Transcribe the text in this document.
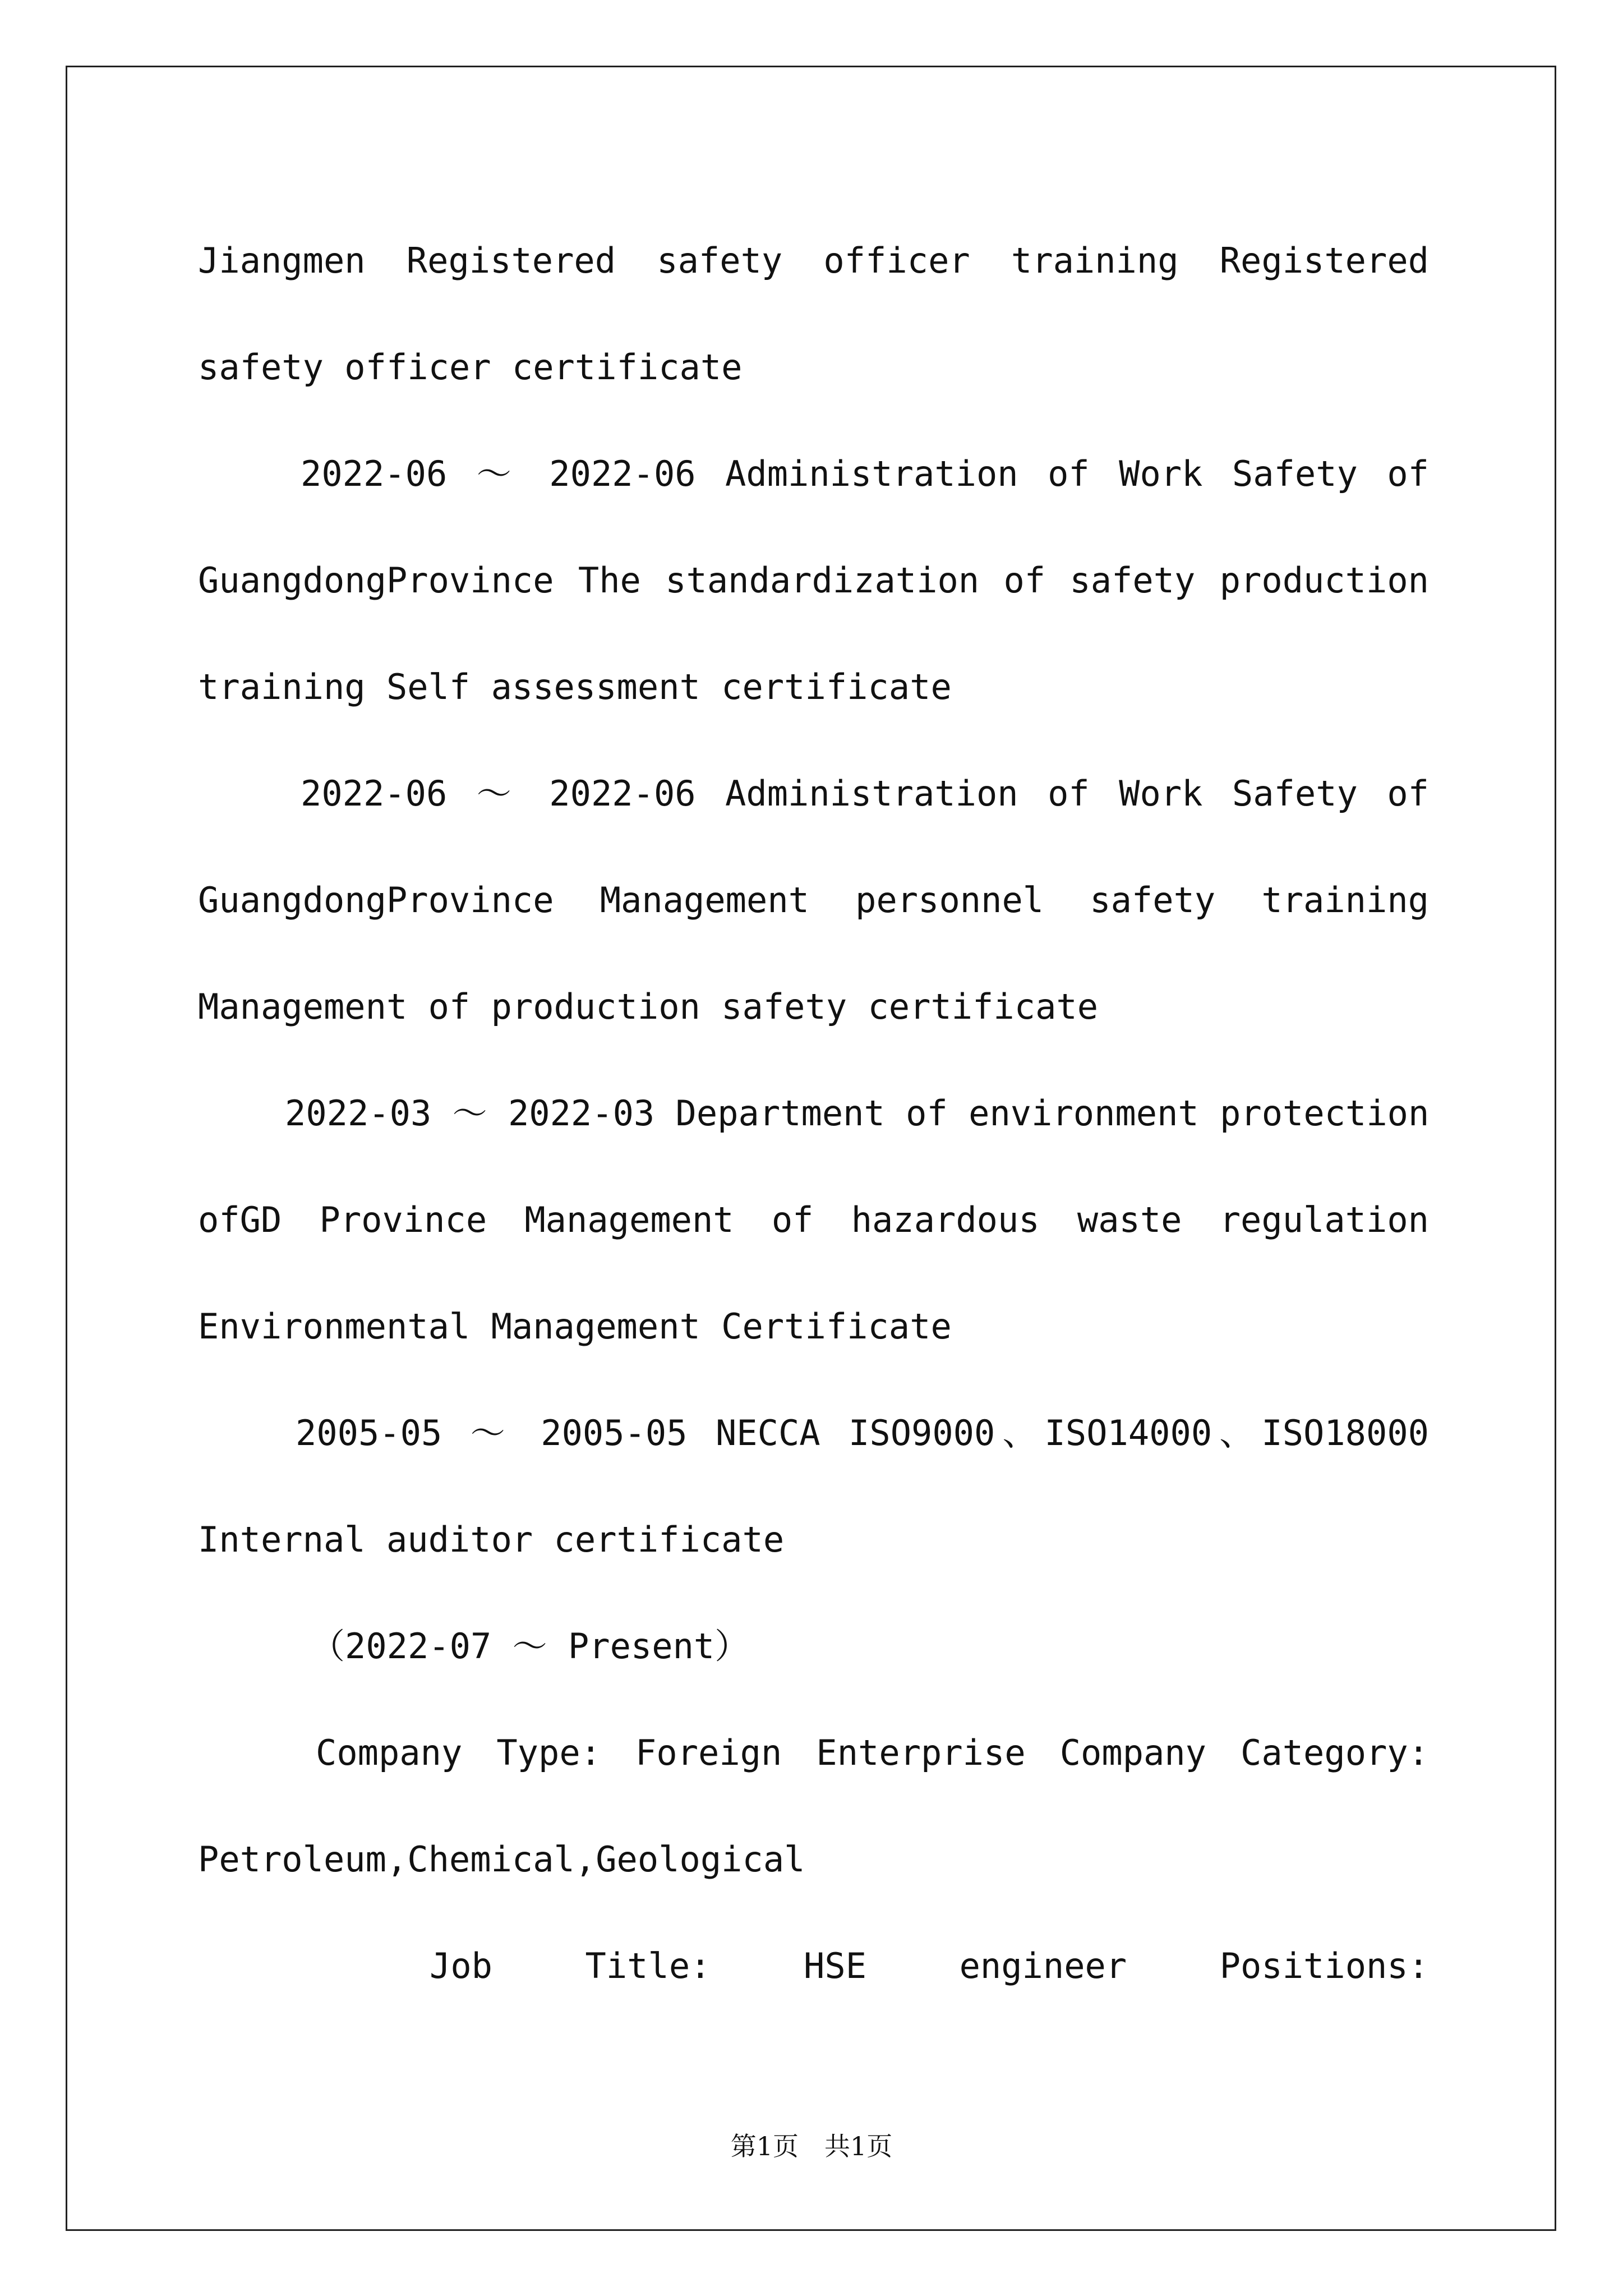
Jiangmen Registered safety officer training Registered
safety officer certificate
2022-06 ～ 2022-06 Administration of Work Safety of
GuangdongProvince The standardization of safety production
training Self assessment certificate
2022-06 ～ 2022-06 Administration of Work Safety of
GuangdongProvince Management personnel safety training
Management of production safety certificate
2022-03 ～ 2022-03 Department of environment protection
ofGD Province Management of hazardous waste regulation
Environmental Management Certificate
2005-05 ～ 2005-05 NECCA ISO9000、ISO14000、ISO18000
Internal auditor certificate
（2022-07 ～ Present）
Company Type: Foreign Enterprise Company Category:
Petroleum,Chemical,Geological
Job Title: HSE engineer Positions:
第1页　共1页
